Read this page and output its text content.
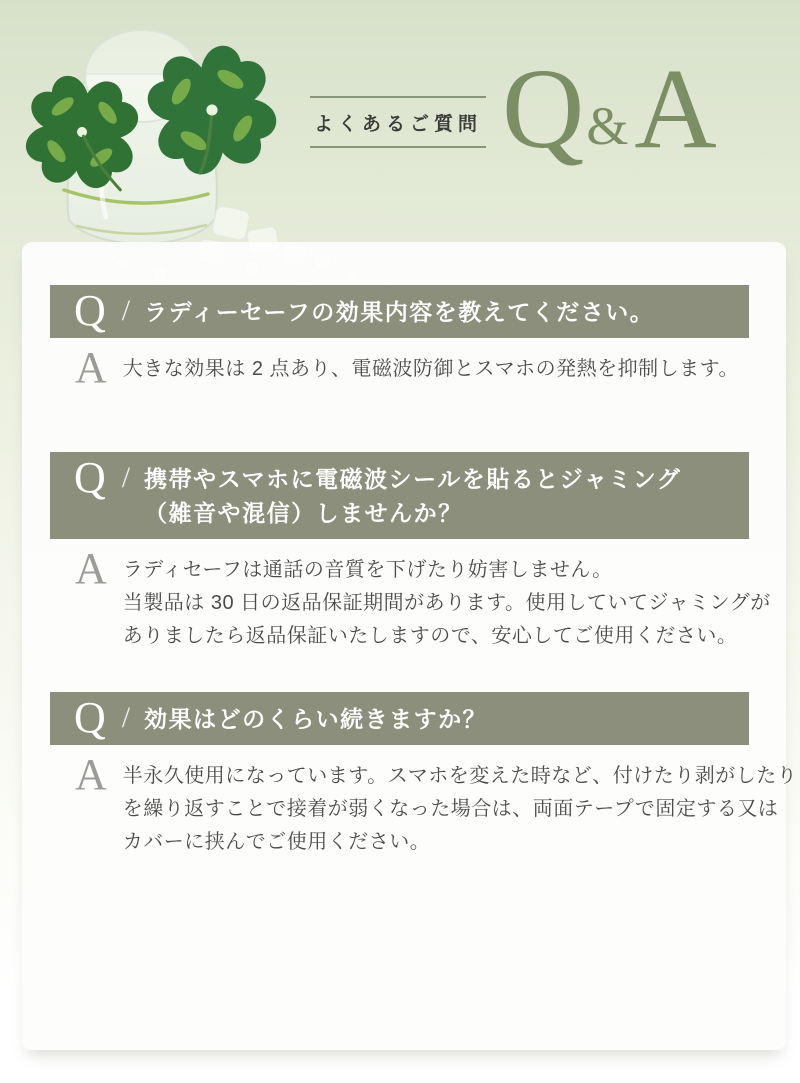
よくあるご質問 Q & A
Q / ラディーセーフの効果内容を教えてください。
A 大きな効果は 2 点あり、電磁波防御とスマホの発熱を抑制します。
Q / 携帯やスマホに電磁波シールを貼るとジャミング
（雑音や混信）しませんか？
A ラディセーフは通話の音質を下げたり妨害しません。
当製品は 30 日の返品保証期間があります。使用していてジャミングが
ありましたら返品保証いたしますので、安心してご使用ください。
Q / 効果はどのくらい続きますか？
A 半永久使用になっています。スマホを変えた時など、付けたり剥がしたり
を繰り返すことで接着が弱くなった場合は、両面テープで固定する又は
カバーに挟んでご使用ください。
